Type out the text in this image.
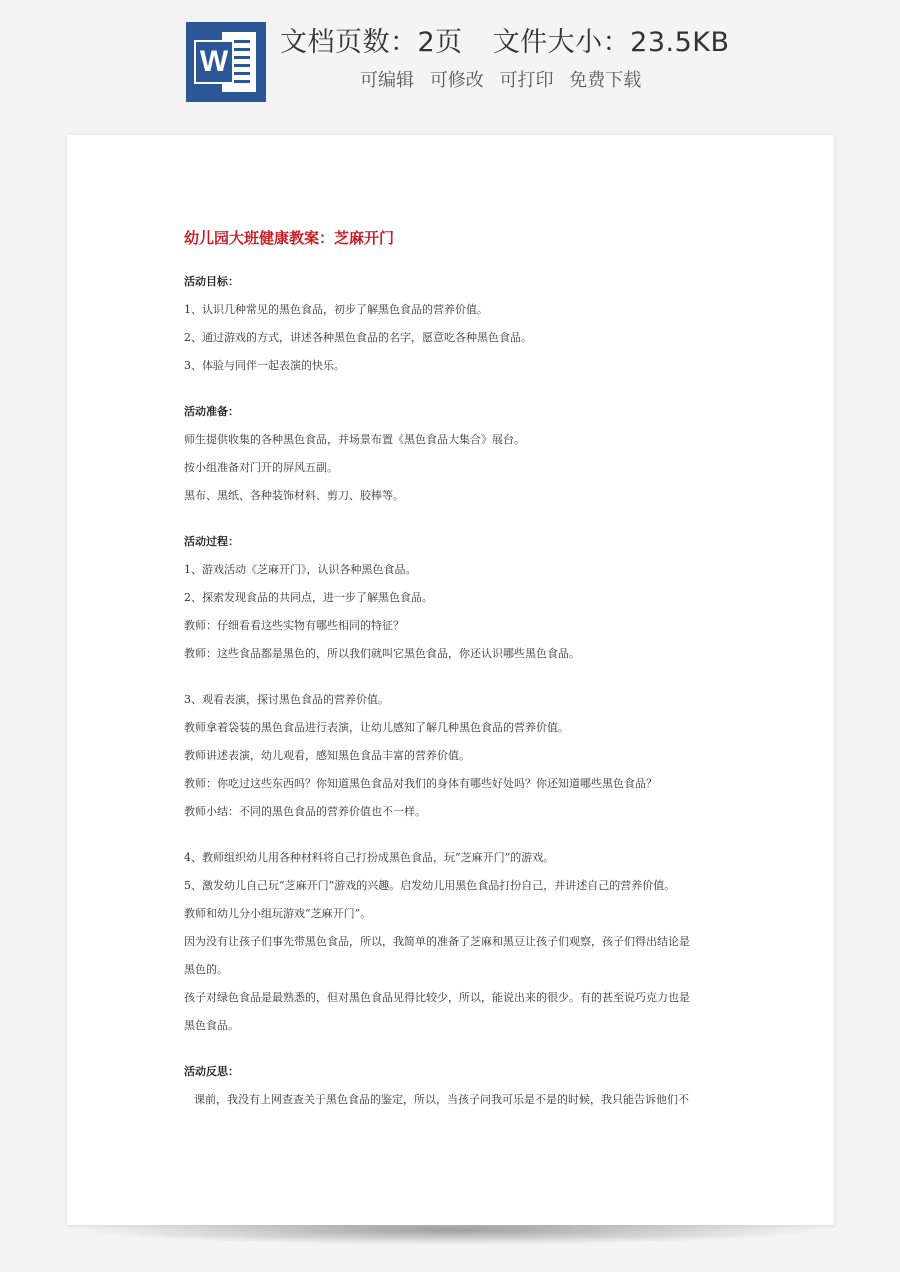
W
文档页数：2页 文件大小：23.5KB
可编辑 可修改 可打印 免费下载
幼儿园大班健康教案：芝麻开门
活动目标：
1、认识几种常见的黑色食品，初步了解黑色食品的营养价值。
2、通过游戏的方式，讲述各种黑色食品的名字，愿意吃各种黑色食品。
3、体验与同伴一起表演的快乐。
活动准备：
师生提供收集的各种黑色食品，并场景布置《黑色食品大集合》展台。
按小组准备对门开的屏风五副。
黑布、黑纸、各种装饰材料、剪刀、胶棒等。
活动过程：
1、游戏活动《芝麻开门》，认识各种黑色食品。
2、探索发现食品的共同点，进一步了解黑色食品。
教师：仔细看看这些实物有哪些相同的特征？
教师：这些食品都是黑色的，所以我们就叫它黑色食品，你还认识哪些黑色食品。
3、观看表演，探讨黑色食品的营养价值。
教师拿着袋装的黑色食品进行表演，让幼儿感知了解几种黑色食品的营养价值。
教师讲述表演，幼儿观看，感知黑色食品丰富的营养价值。
教师：你吃过这些东西吗？你知道黑色食品对我们的身体有哪些好处吗？你还知道哪些黑色食品？
教师小结：不同的黑色食品的营养价值也不一样。
4、教师组织幼儿用各种材料将自己打扮成黑色食品，玩“芝麻开门”的游戏。
5、激发幼儿自己玩“芝麻开门”游戏的兴趣。启发幼儿用黑色食品打扮自己，并讲述自己的营养价值。
教师和幼儿分小组玩游戏“芝麻开门”。
因为没有让孩子们事先带黑色食品，所以，我简单的准备了芝麻和黑豆让孩子们观察，孩子们得出结论是
黑色的。
孩子对绿色食品是最熟悉的，但对黑色食品见得比较少，所以，能说出来的很少。有的甚至说巧克力也是
黑色食品。
活动反思：
课前，我没有上网查查关于黑色食品的鉴定，所以，当孩子问我可乐是不是的时候，我只能告诉他们不
